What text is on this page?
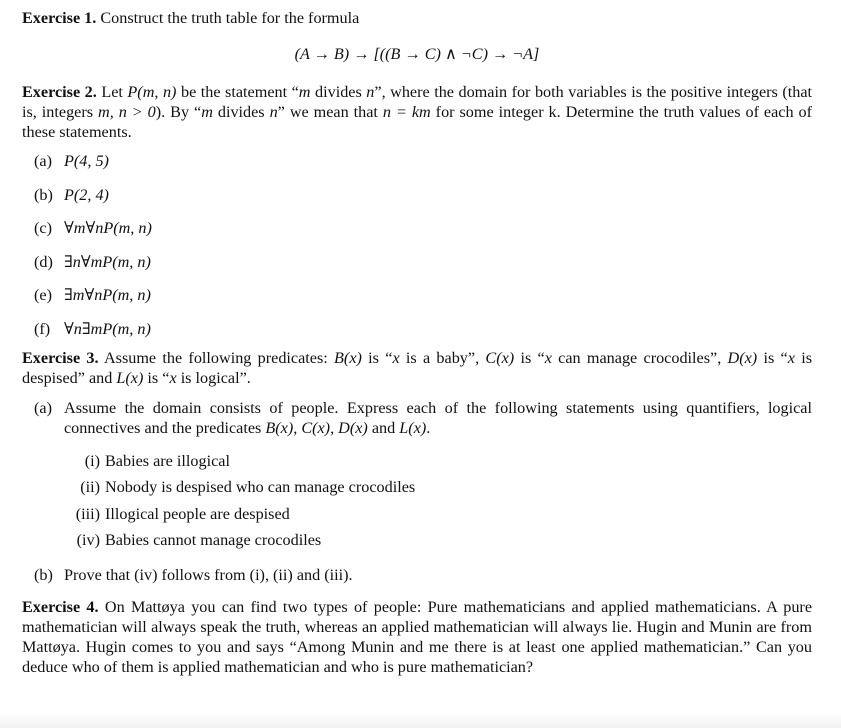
Exercise 1. Construct the truth table for the formula

(A → B) → [((B → C) ∧ ¬C) → ¬A]

Exercise 2. Let P(m, n) be the statement “m divides n”, where the domain for both variables is the positive integers (that is, integers m, n > 0). By “m divides n” we mean that n = km for some integer k. Determine the truth values of each of these statements.

(a) P(4, 5)
(b) P(2, 4)
(c) ∀m∀nP(m, n)
(d) ∃n∀mP(m, n)
(e) ∃m∀nP(m, n)
(f) ∀n∃mP(m, n)

Exercise 3. Assume the following predicates: B(x) is “x is a baby”, C(x) is “x can manage crocodiles”, D(x) is “x is despised” and L(x) is “x is logical”.

(a) Assume the domain consists of people. Express each of the following statements using quantifiers, logical connectives and the predicates B(x), C(x), D(x) and L(x).
(i) Babies are illogical
(ii) Nobody is despised who can manage crocodiles
(iii) Illogical people are despised
(iv) Babies cannot manage crocodiles
(b) Prove that (iv) follows from (i), (ii) and (iii).

Exercise 4. On Mattøya you can find two types of people: Pure mathematicians and applied mathematicians. A pure mathematician will always speak the truth, whereas an applied mathematician will always lie. Hugin and Munin are from Mattøya. Hugin comes to you and says “Among Munin and me there is at least one applied mathematician.” Can you deduce who of them is applied mathematician and who is pure mathematician?
